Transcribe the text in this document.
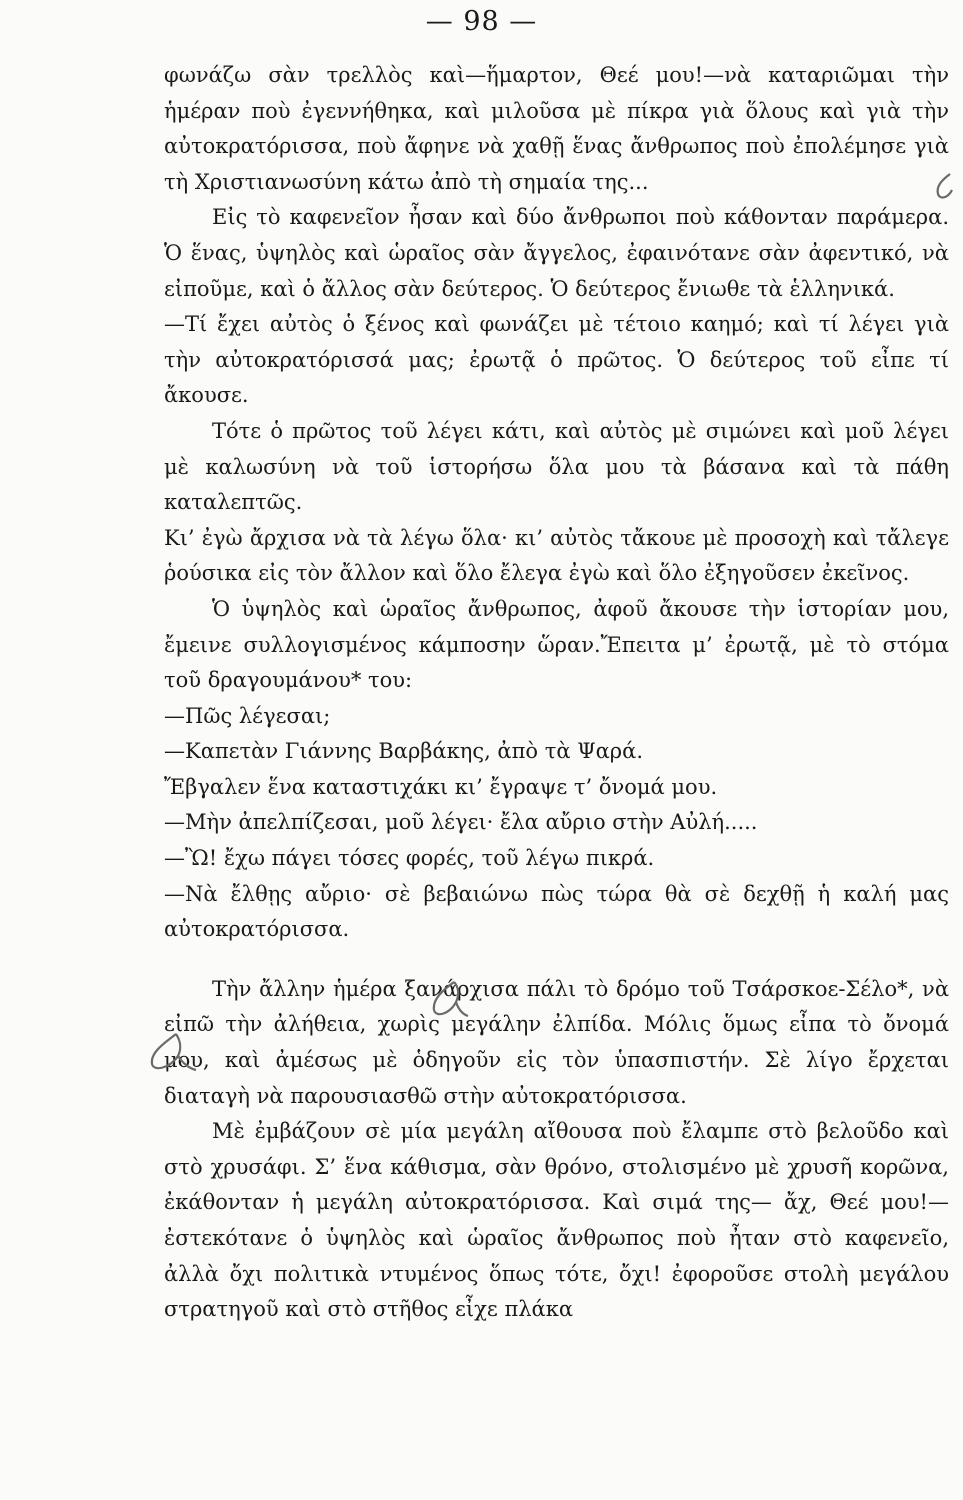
— 98 —

φωνάζω σὰν τρελλὸς καὶ—ἥμαρτον, Θεέ μου!—νὰ καταριῶμαι τὴν ἡμέραν ποὺ ἐγεννήθηκα, καὶ μιλοῦσα μὲ πίκρα γιὰ ὅλους καὶ γιὰ τὴν αὐτοκρατόρισσα, ποὺ ἄφηνε νὰ χαθῇ ἕνας ἄνθρωπος ποὺ ἐπολέμησε γιὰ τὴ Χριστιανωσύνη κάτω ἀπὸ τὴ σημαία της...

Εἰς τὸ καφενεῖον ἦσαν καὶ δύο ἄνθρωποι ποὺ κάθονταν παράμερα. Ὁ ἕνας, ὑψηλὸς καὶ ὡραῖος σὰν ἄγγελος, ἐφαινότανε σὰν ἀφεντικό, νὰ εἰποῦμε, καὶ ὁ ἄλλος σὰν δεύτερος. Ὁ δεύτερος ἔνιωθε τὰ ἑλληνικά.

—Τί ἔχει αὐτὸς ὁ ξένος καὶ φωνάζει μὲ τέτοιο καημό; καὶ τί λέγει γιὰ τὴν αὐτοκρατόρισσά μας; ἐρωτᾷ ὁ πρῶτος. Ὁ δεύτερος τοῦ εἶπε τί ἄκουσε.

Τότε ὁ πρῶτος τοῦ λέγει κάτι, καὶ αὐτὸς μὲ σιμώνει καὶ μοῦ λέγει μὲ καλωσύνη νὰ τοῦ ἱστορήσω ὅλα μου τὰ βάσανα καὶ τὰ πάθη καταλεπτῶς.

Κι’ ἐγὼ ἄρχισα νὰ τὰ λέγω ὅλα· κι’ αὐτὸς τἄκουε μὲ προσοχὴ καὶ τἄλεγε ῥούσικα εἰς τὸν ἄλλον καὶ ὅλο ἔλεγα ἐγὼ καὶ ὅλο ἐξηγοῦσεν ἐκεῖνος.

Ὁ ὑψηλὸς καὶ ὡραῖος ἄνθρωπος, ἀφοῦ ἄκουσε τὴν ἱστορίαν μου, ἔμεινε συλλογισμένος κάμποσην ὥραν.Ἔπειτα μ’ ἐρωτᾷ, μὲ τὸ στόμα τοῦ δραγουμάνου* του:

—Πῶς λέγεσαι;

—Καπετὰν Γιάννης Βαρβάκης, ἀπὸ τὰ Ψαρά.

Ἔβγαλεν ἕνα καταστιχάκι κι’ ἔγραψε τ’ ὄνομά μου.

—Μὴν ἀπελπίζεσαι, μοῦ λέγει· ἔλα αὔριο στὴν Αὐλή.....

—Ὢ! ἔχω πάγει τόσες φορές, τοῦ λέγω πικρά.

—Νὰ ἔλθῃς αὔριο· σὲ βεβαιώνω πὼς τώρα θὰ σὲ δεχθῇ ἡ καλή μας αὐτοκρατόρισσα.

Τὴν ἄλλην ἡμέρα ξανάρχισα πάλι τὸ δρόμο τοῦ Τσάρσκοε-Σέλο*, νὰ εἰπῶ τὴν ἀλήθεια, χωρὶς μεγάλην ἐλπίδα. Μόλις ὅμως εἶπα τὸ ὄνομά μου, καὶ ἀμέσως μὲ ὁδηγοῦν εἰς τὸν ὑπασπιστήν. Σὲ λίγο ἔρχεται διαταγὴ νὰ παρουσιασθῶ στὴν αὐτοκρατόρισσα.

Μὲ ἐμβάζουν σὲ μία μεγάλη αἴθουσα ποὺ ἔλαμπε στὸ βελοῦδο καὶ στὸ χρυσάφι. Σ’ ἕνα κάθισμα, σὰν θρόνο, στολισμένο μὲ χρυσῆ κορῶνα, ἐκάθονταν ἡ μεγάλη αὐτοκρατόρισσα. Καὶ σιμά της— ἄχ, Θεέ μου!—ἐστεκότανε ὁ ὑψηλὸς καὶ ὡραῖος ἄνθρωπος ποὺ ἦταν στὸ καφενεῖο, ἀλλὰ ὄχι πολιτικὰ ντυμένος ὅπως τότε, ὄχι! ἐφοροῦσε στολὴ μεγάλου στρατηγοῦ καὶ στὸ στῆθος εἶχε πλάκα
